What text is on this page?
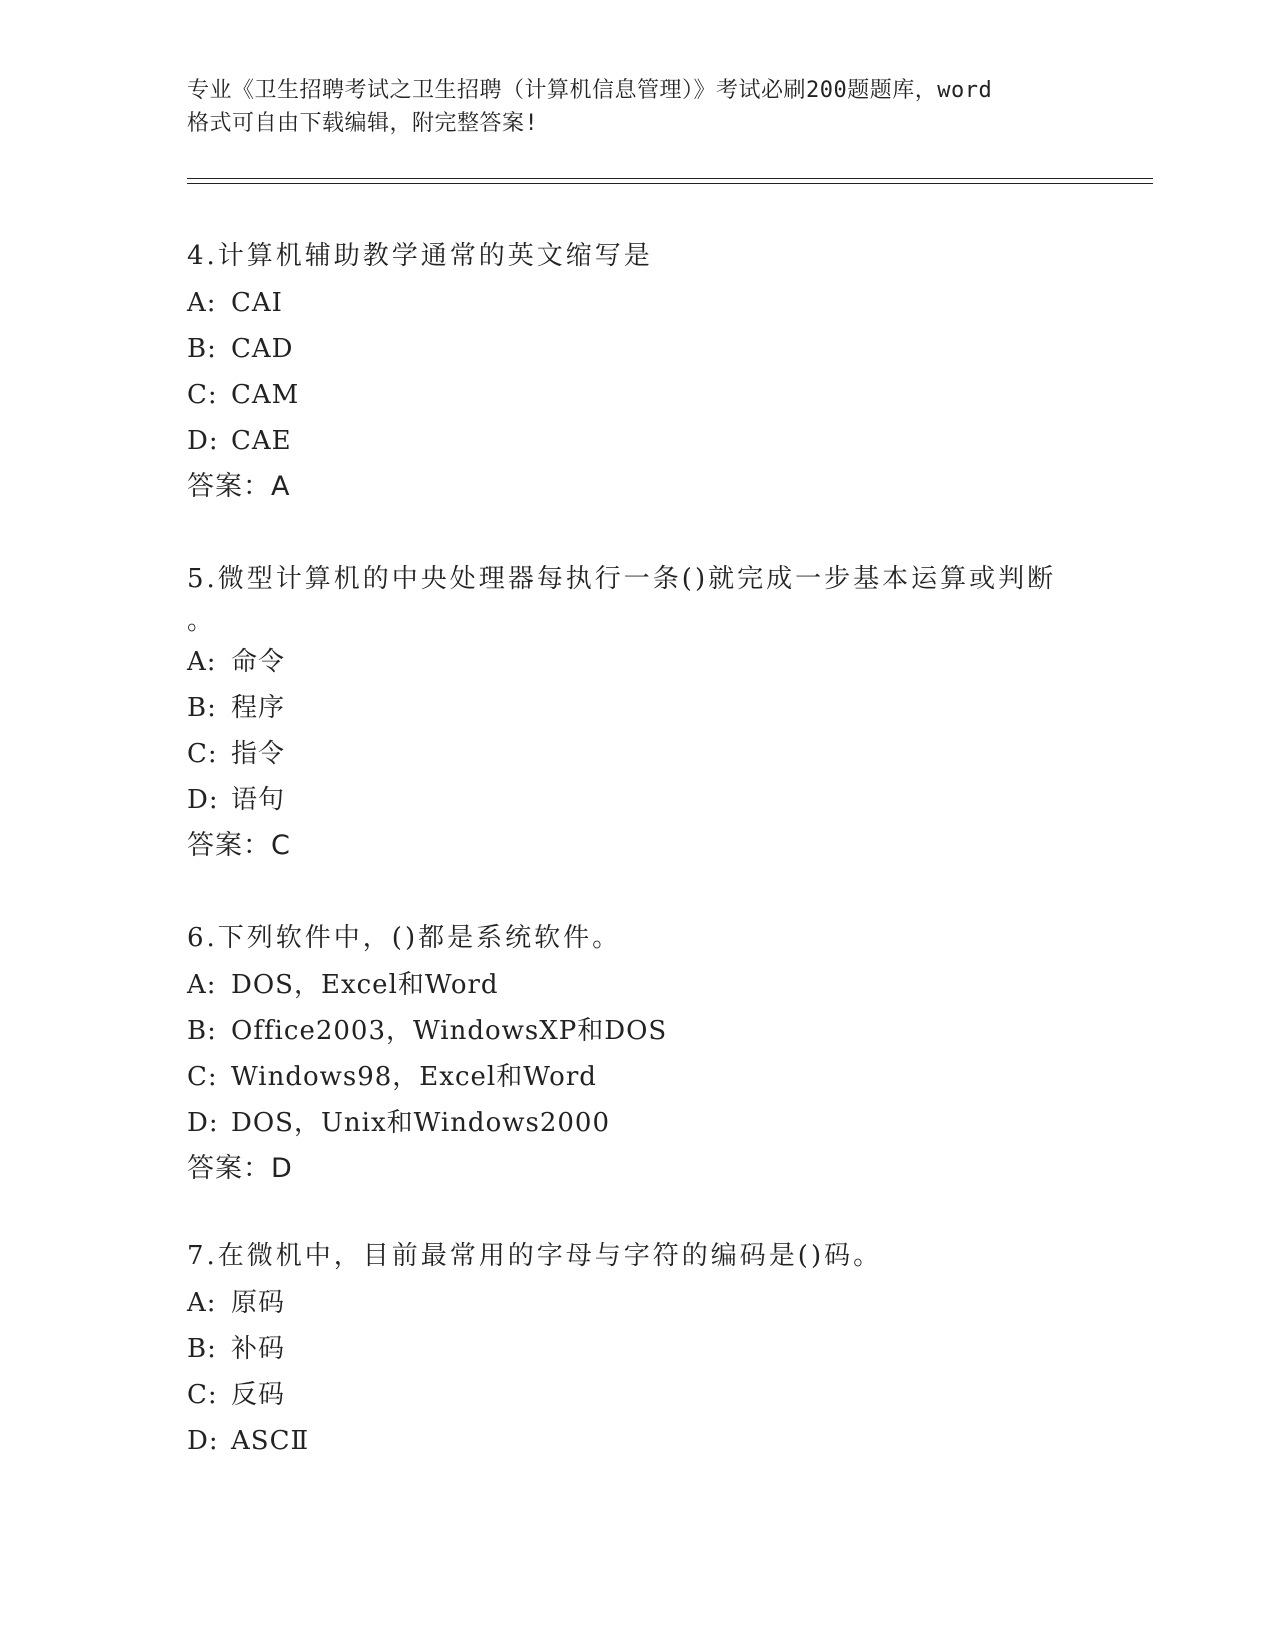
专业《卫生招聘考试之卫生招聘（计算机信息管理）》考试必刷200题题库，word
格式可自由下载编辑，附完整答案!

4.计算机辅助教学通常的英文缩写是

A: CAI

B: CAD

C: CAM

D: CAE

答案：A

5.微型计算机的中央处理器每执行一条()就完成一步基本运算或判断

。

A: 命令

B: 程序

C: 指令

D: 语句

答案：C

6.下列软件中，()都是系统软件。

A: DOS，Excel和Word

B: Office2003，WindowsXP和DOS

C: Windows98，Excel和Word

D: DOS，Unix和Windows2000

答案：D

7.在微机中，目前最常用的字母与字符的编码是()码。

A: 原码

B: 补码

C: 反码

D: ASCⅡ
